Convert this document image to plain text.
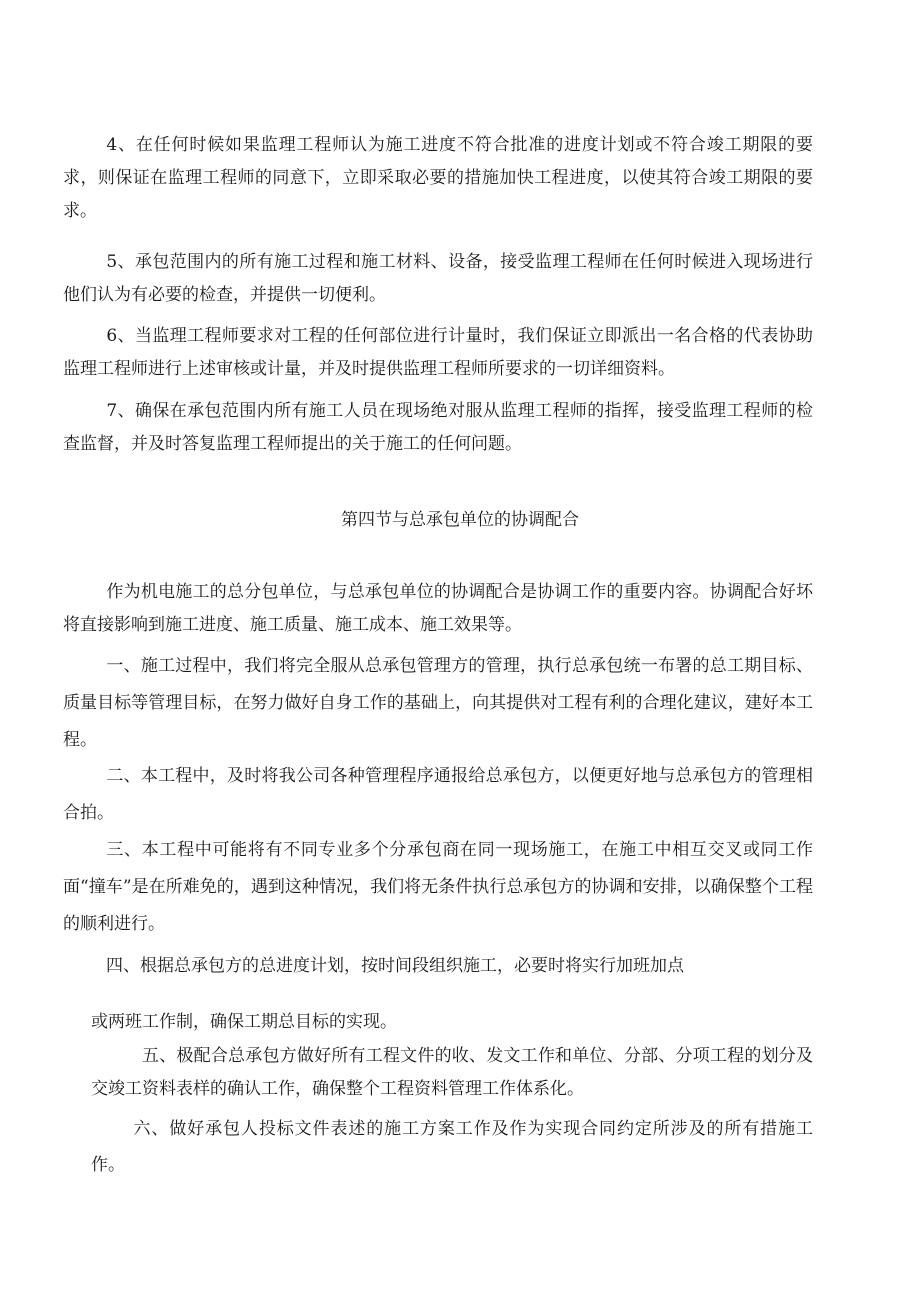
4、在任何时候如果监理工程师认为施工进度不符合批准的进度计划或不符合竣工期限的要求，则保证在监理工程师的同意下，立即采取必要的措施加快工程进度，以使其符合竣工期限的要求。

5、承包范围内的所有施工过程和施工材料、设备，接受监理工程师在任何时候进入现场进行他们认为有必要的检查，并提供一切便利。

6、当监理工程师要求对工程的任何部位进行计量时，我们保证立即派出一名合格的代表协助监理工程师进行上述审核或计量，并及时提供监理工程师所要求的一切详细资料。

7、确保在承包范围内所有施工人员在现场绝对服从监理工程师的指挥，接受监理工程师的检查监督，并及时答复监理工程师提出的关于施工的任何问题。

第四节与总承包单位的协调配合

作为机电施工的总分包单位，与总承包单位的协调配合是协调工作的重要内容。协调配合好坏将直接影响到施工进度、施工质量、施工成本、施工效果等。

一、施工过程中，我们将完全服从总承包管理方的管理，执行总承包统一布署的总工期目标、质量目标等管理目标，在努力做好自身工作的基础上，向其提供对工程有利的合理化建议，建好本工程。

二、本工程中，及时将我公司各种管理程序通报给总承包方，以便更好地与总承包方的管理相合拍。

三、本工程中可能将有不同专业多个分承包商在同一现场施工，在施工中相互交叉或同工作面“撞车”是在所难免的，遇到这种情况，我们将无条件执行总承包方的协调和安排，以确保整个工程的顺利进行。

四、根据总承包方的总进度计划，按时间段组织施工，必要时将实行加班加点

或两班工作制，确保工期总目标的实现。

五、极配合总承包方做好所有工程文件的收、发文工作和单位、分部、分项工程的划分及交竣工资料表样的确认工作，确保整个工程资料管理工作体系化。

六、做好承包人投标文件表述的施工方案工作及作为实现合同约定所涉及的所有措施工作。
